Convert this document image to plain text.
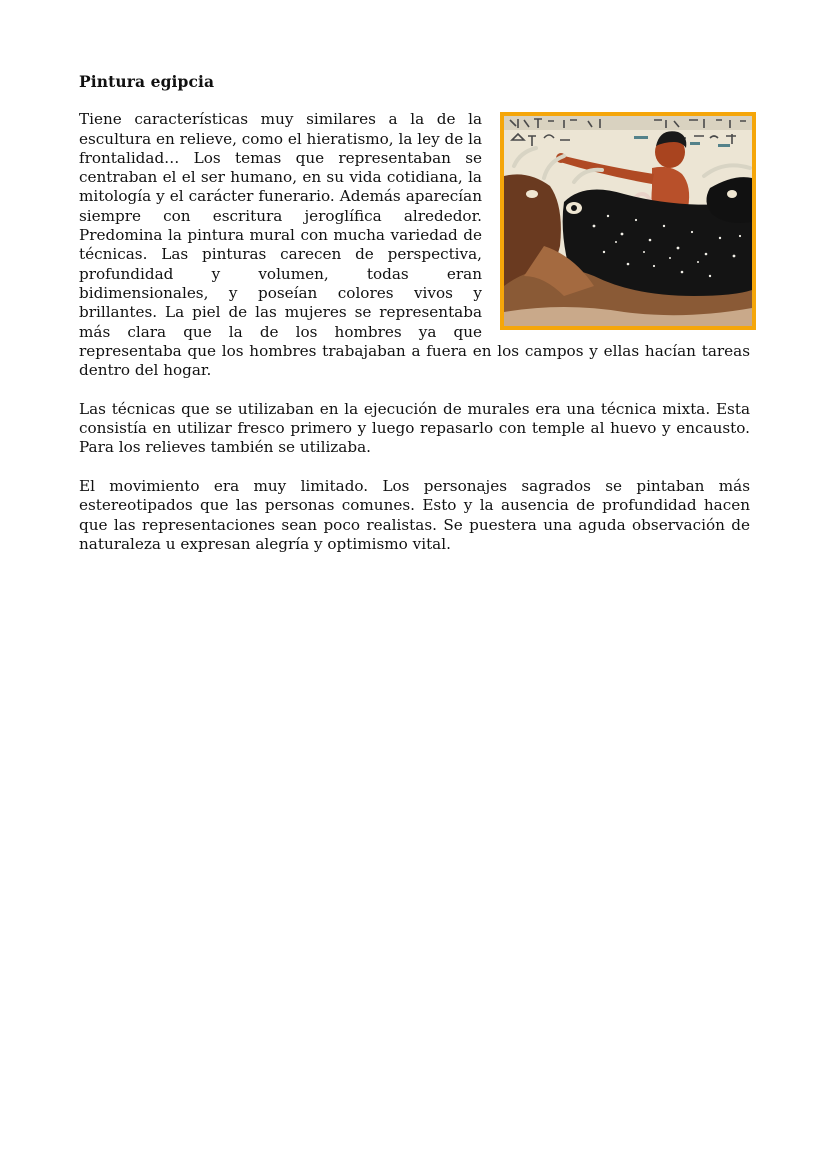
Pintura egipcia

Tiene características muy similares a la de la escultura en relieve, como el hieratismo, la ley de la frontalidad… Los temas que representaban se centraban el el ser humano, en su vida cotidiana, la mitología y el carácter funerario. Además aparecían siempre con escritura jeroglífica alrededor. Predomina la pintura mural con mucha variedad de técnicas. Las pinturas carecen de perspectiva, profundidad y volumen, todas eran bidimensionales, y poseían colores vivos y brillantes. La piel de las mujeres se representaba más clara que la de los hombres ya que representaba que los hombres trabajaban a fuera en los campos y ellas hacían tareas dentro del hogar.

Las técnicas que se utilizaban en la ejecución de murales era una técnica mixta. Esta consistía en utilizar fresco primero y luego repasarlo con temple al huevo y encausto. Para los relieves también se utilizaba.

El movimiento era muy limitado. Los personajes sagrados se pintaban más estereotipados que las personas comunes. Esto y la ausencia de profundidad hacen que las representaciones sean poco realistas. Se puestera una aguda observación de naturaleza u expresan alegría y optimismo vital.
